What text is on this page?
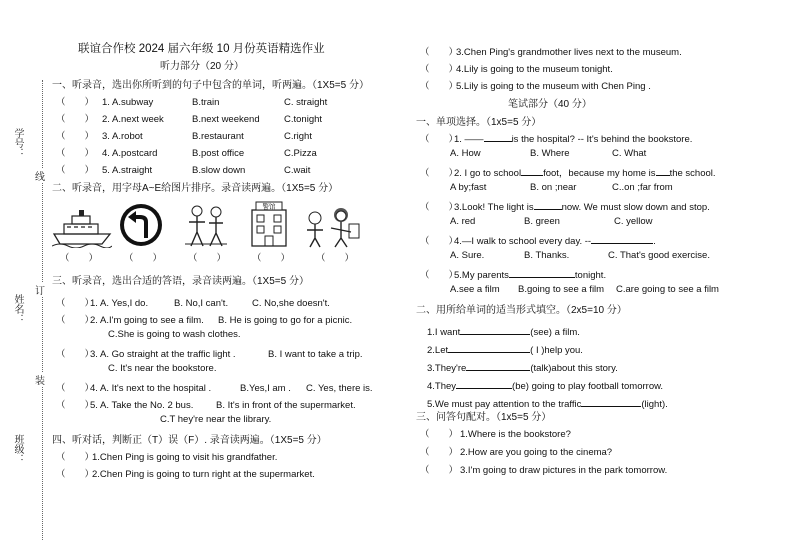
学号：
姓名：
班级：
线
订
装
联谊合作校 2024 届六年级 10 月份英语精选作业
听力部分（20 分）
一、听录音，选出你所听到的句子中包含的单词，听两遍。（1X5=5 分）
（　　） 1. A.subway	B.train	C. straight
（　　） 2. A.next week	B.next weekend	C.tonight
（　　） 3. A.robot	B.restaurant	C.right
（　　） 4. A.postcard	B.post office	C.Pizza
（　　） 5. A.straight	B.slow down	C.wait
二、听录音，用字母A~E给图片排序。录音读两遍。（1X5=5 分）
警馆
（　　）	（　　）	（　　）	（　　）	（　　）
三、听录音，选出合适的答语，录音读两遍。（1X5=5 分）
（　　）1. A. Yes,I do.	B. No,I can't.	C. No,she doesn't.
（　　）2. A.I'm going to see a film. B. He is going to go for a picnic.
C.She is going to wash clothes.
（　　）3. A. Go straight at the traffic light .	B. I want to take a trip.
C. It's near the bookstore.
（　　）4. A. It's next to the hospital .	B.Yes,I am . C. Yes, there is.
（　　）5. A. Take the No. 2 bus. B. It's in front of the supermarket.
C.T hey're near the library.
四、听对话，判断正（T）误（F）. 录音读两遍。（1X5=5 分）
（　　）1.Chen Ping is going to visit his grandfather.
（　　）2.Chen Ping is going to turn right at the supermarket.
（　　）3.Chen Ping's grandmother lives next to the museum.
（　　）4.Lily is going to the museum tonight.
（　　）5.Lily is going to the museum with Chen Ping .
笔试部分（40 分）
一、单项选择。（1x5=5 分）
（　　）1. ——	is the hospital? -- It's behind the bookstore.
A. How	B. Where	C. What
（　　）2. I go to school foot，because my home is the school.
A by;fast	B. on ;near	C..on ;far from
（　　）3.Look! The light is	now. We must slow down and stop.
A. red	B. green	C. yellow
（　　）4.—I walk to school every day. --	.
A. Sure.	B. Thanks.	C. That's good exercise.
（　　）5.My parents	tonight.
A.see a film B.going to see a film C.are going to see a film
二、用所给单词的适当形式填空。（2x5=10 分）
1.I want	(see) a film.
2.Let	( I )help you.
3.They're	(talk)about this story.
4.They	(be) going to play football tomorrow.
5.We must pay attention to the traffic	(light).
三、问答句配对。（1x5=5 分）
（　　） 1.Where is the bookstore?
（　　） 2.How are you going to the cinema?
（　　） 3.I'm going to draw pictures in the park tomorrow.
